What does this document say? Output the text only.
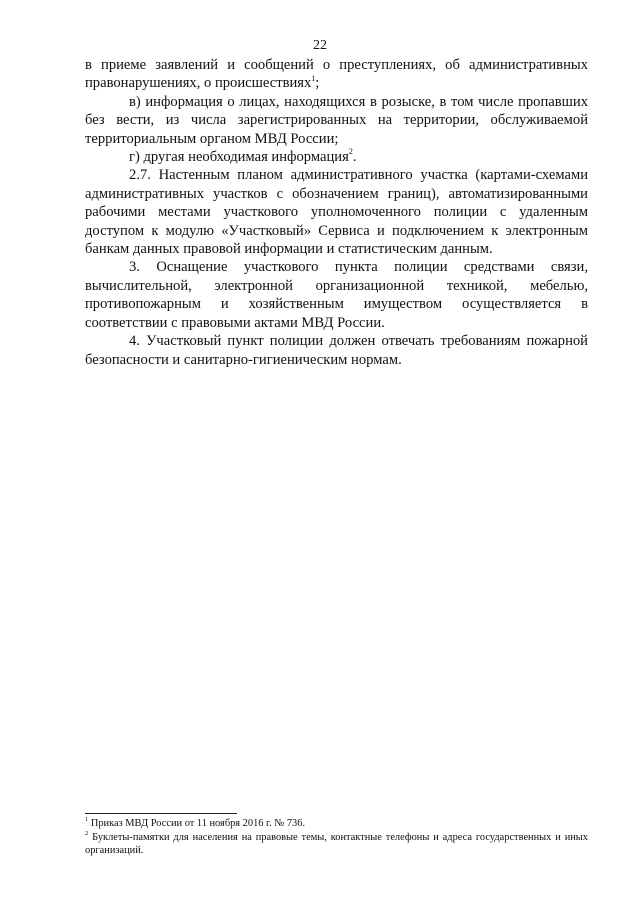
22

в приеме заявлений и сообщений о преступлениях, об административных правонарушениях, о происшествиях$^1$;

в) информация о лицах, находящихся в розыске, в том числе пропавших без вести, из числа зарегистрированных на территории, обслуживаемой территориальным органом МВД России;

г) другая необходимая информация$^2$.

2.7. Настенным планом административного участка (картами-схемами административных участков с обозначением границ), автоматизированными рабочими местами участкового уполномоченного полиции с удаленным доступом к модулю «Участковый» Сервиса и подключением к электронным банкам данных правовой информации и статистическим данным.

3. Оснащение участкового пункта полиции средствами связи, вычислительной, электронной организационной техникой, мебелью, противопожарным и хозяйственным имуществом осуществляется в соответствии с правовыми актами МВД России.

4. Участковый пункт полиции должен отвечать требованиям пожарной безопасности и санитарно-гигиеническим нормам.

$^1$ Приказ МВД России от 11 ноября 2016 г. № 736.

$^2$ Буклеты-памятки для населения на правовые темы, контактные телефоны и адреса государственных и иных организаций.
